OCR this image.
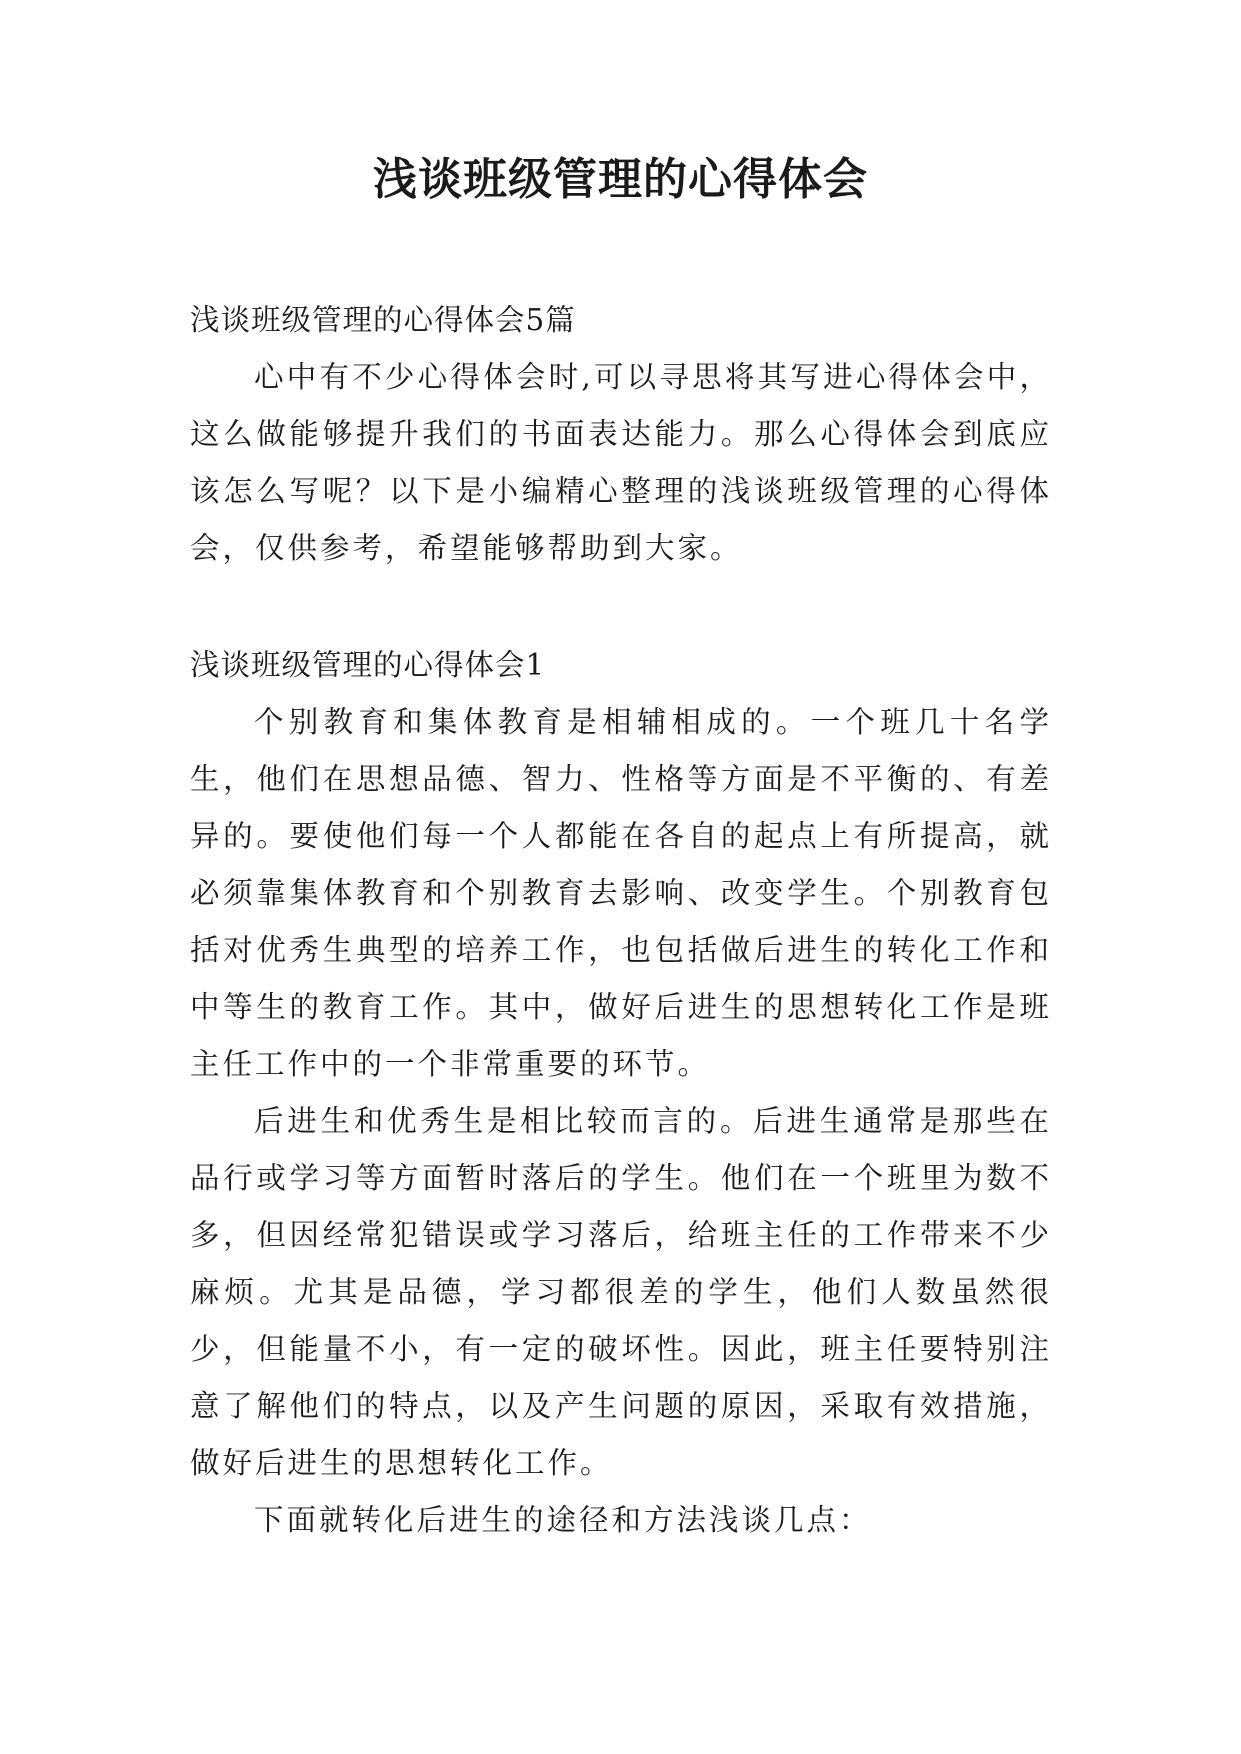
浅谈班级管理的心得体会

浅谈班级管理的心得体会5篇

心中有不少心得体会时,可以寻思将其写进心得体会中，这么做能够提升我们的书面表达能力。那么心得体会到底应该怎么写呢？以下是小编精心整理的浅谈班级管理的心得体会，仅供参考，希望能够帮助到大家。

浅谈班级管理的心得体会1

个别教育和集体教育是相辅相成的。一个班几十名学生，他们在思想品德、智力、性格等方面是不平衡的、有差异的。要使他们每一个人都能在各自的起点上有所提高，就必须靠集体教育和个别教育去影响、改变学生。个别教育包括对优秀生典型的培养工作，也包括做后进生的转化工作和中等生的教育工作。其中，做好后进生的思想转化工作是班主任工作中的一个非常重要的环节。

后进生和优秀生是相比较而言的。后进生通常是那些在品行或学习等方面暂时落后的学生。他们在一个班里为数不多，但因经常犯错误或学习落后，给班主任的工作带来不少麻烦。尤其是品德，学习都很差的学生，他们人数虽然很少，但能量不小，有一定的破坏性。因此，班主任要特别注意了解他们的特点，以及产生问题的原因，采取有效措施，做好后进生的思想转化工作。

下面就转化后进生的途径和方法浅谈几点：
